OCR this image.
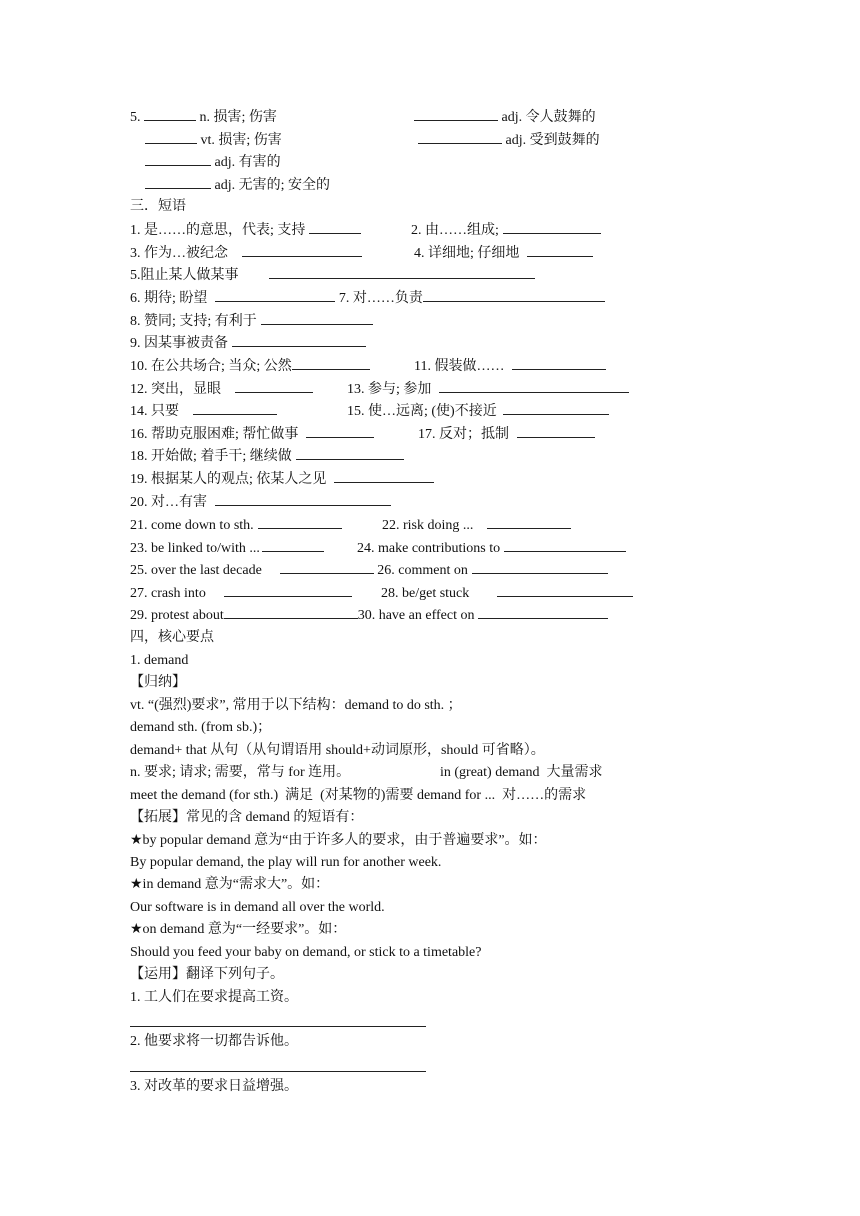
5.	n. 损害; 伤害	adj. 令人鼓舞的
vt. 损害; 伤害	adj. 受到鼓舞的
adj. 有害的
adj. 无害的; 安全的
三．短语
1. 是……的意思，代表; 支持	2. 由……组成;
3. 作为…被纪念	4. 详细地; 仔细地
5.阻止某人做某事
6. 期待; 盼望	7. 对……负责
8. 赞同; 支持; 有利于
9. 因某事被责备
10. 在公共场合; 当众; 公然	11. 假装做……
12. 突出，显眼	13. 参与; 参加
14. 只要	15. 使…远离; (使)不接近
16. 帮助克服困难; 帮忙做事	17. 反对；抵制
18. 开始做; 着手干; 继续做
19. 根据某人的观点; 依某人之见
20. 对…有害
21. come down to sth.	22. risk doing ...
23. be linked to/with ...	24. make contributions to
25. over the last decade	26. comment on
27. crash into	28. be/get stuck
29. protest about	30. have an effect on
四，核心要点
1. demand
【归纳】
vt. “(强烈)要求”, 常用于以下结构：demand to do sth. ；
demand sth. (from sb.)；
demand+ that 从句（从句谓语用 should+动词原形，should 可省略）。
n. 要求; 请求; 需要，常与 for 连用。	in (great) demand  大量需求
meet the demand (for sth.)  满足  (对某物的)需要 demand for ...  对……的需求
【拓展】常见的含 demand 的短语有：
★by popular demand 意为“由于许多人的要求，由于普遍要求”。如：
By popular demand, the play will run for another week.
★in demand 意为“需求大”。如：
Our software is in demand all over the world.
★on demand 意为“一经要求”。如：
Should you feed your baby on demand, or stick to a timetable?
【运用】翻译下列句子。
1. 工人们在要求提高工资。
2. 他要求将一切都告诉他。
3. 对改革的要求日益增强。
